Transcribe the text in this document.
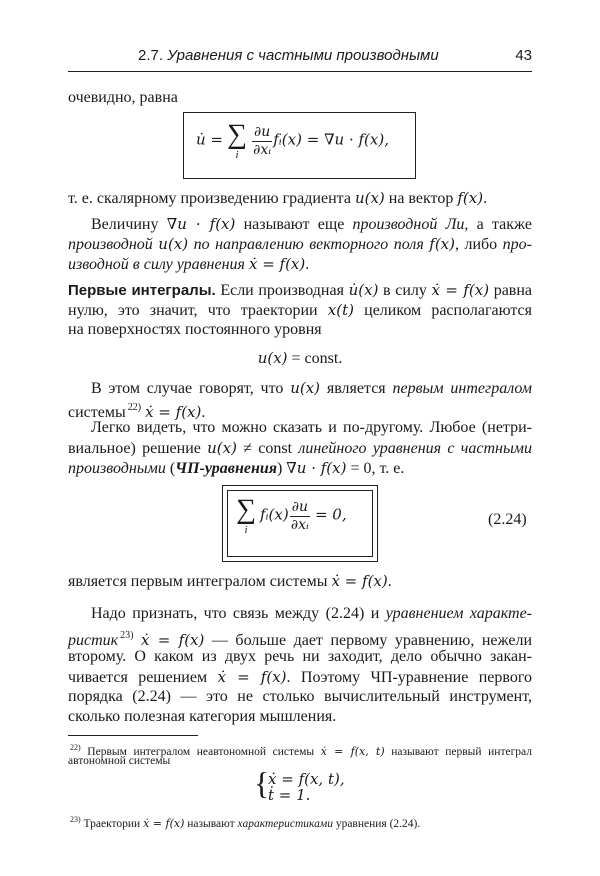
2.7. Уравнения с частными производными	43
очевидно, равна
т. е. скалярному произведению градиента u(x) на вектор f(x).
Величину ∇u · f(x) называют еще производной Ли, а также
производной u(x) по направлению векторного поля f(x), либо про-
изводной в силу уравнения ẋ = f(x).
Первые интегралы. Если производная u̇(x) в силу ẋ = f(x) равна
нулю, это значит, что траектории x(t) целиком располагаются
на поверхностях постоянного уровня
u(x) = const.
В этом случае говорят, что u(x) является первым интегралом
системы $^{22)}$ ẋ = f(x).
Легко видеть, что можно сказать и по-другому. Любое (нетри-
виальное) решение u(x) ≠ const линейного уравнения с частными
производными (ЧП-уравнения) ∇u · f(x) = 0, т. е.
является первым интегралом системы ẋ = f(x).
Надо признать, что связь между (2.24) и уравнением характе-
ристик $^{23)}$ ẋ = f(x) — больше дает первому уравнению, нежели
второму. О каком из двух речь ни заходит, дело обычно закан-
чивается решением ẋ = f(x). Поэтому ЧП-уравнение первого
порядка (2.24) — это не столько вычислительный инструмент,
сколько полезная категория мышления.
u̇ = ∑
i
$\frac{\partial u}{\text{∂xᵢ}}$ fᵢ(x) = ∇u · f(x),
∑
i
fᵢ(x) $\frac{\partial u}{\text{∂xᵢ}} = 0$,	(2.24)
$^{22)}$ Первым интегралом неавтономной системы ẋ = f(x, t) называют первый интеграл
автономной системы
$^{23)}$ Траектории ẋ = f(x) называют характеристиками уравнения (2.24).
{
ẋ = f(x, t),
ṫ = 1.
